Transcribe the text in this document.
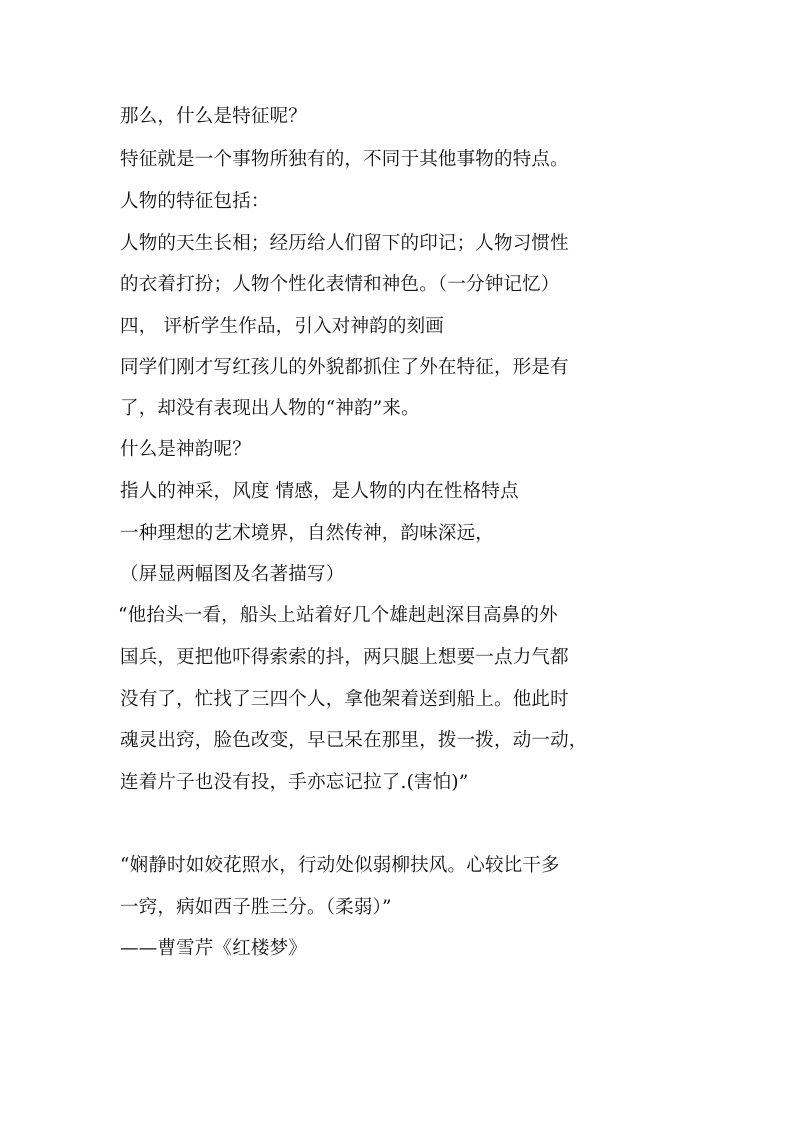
那么，什么是特征呢？
特征就是一个事物所独有的，不同于其他事物的特点。
人物的特征包括：
人物的天生长相；经历给人们留下的印记；人物习惯性
的衣着打扮；人物个性化表情和神色。（一分钟记忆）
四， 评析学生作品，引入对神韵的刻画
同学们刚才写红孩儿的外貌都抓住了外在特征，形是有
了，却没有表现出人物的“神韵”来。
什么是神韵呢？
指人的神采，风度 情感，是人物的内在性格特点
一种理想的艺术境界，自然传神，韵味深远，
（屏显两幅图及名著描写）
“他抬头一看，船头上站着好几个雄赳赳深目高鼻的外
国兵，更把他吓得索索的抖，两只腿上想要一点力气都
没有了，忙找了三四个人，拿他架着送到船上。他此时
魂灵出窍，脸色改变，早已呆在那里，拨一拨，动一动，
连着片子也没有投，手亦忘记拉了.(害怕)”
“娴静时如姣花照水，行动处似弱柳扶风。心较比干多
一窍，病如西子胜三分。（柔弱）”
——曹雪芹《红楼梦》
